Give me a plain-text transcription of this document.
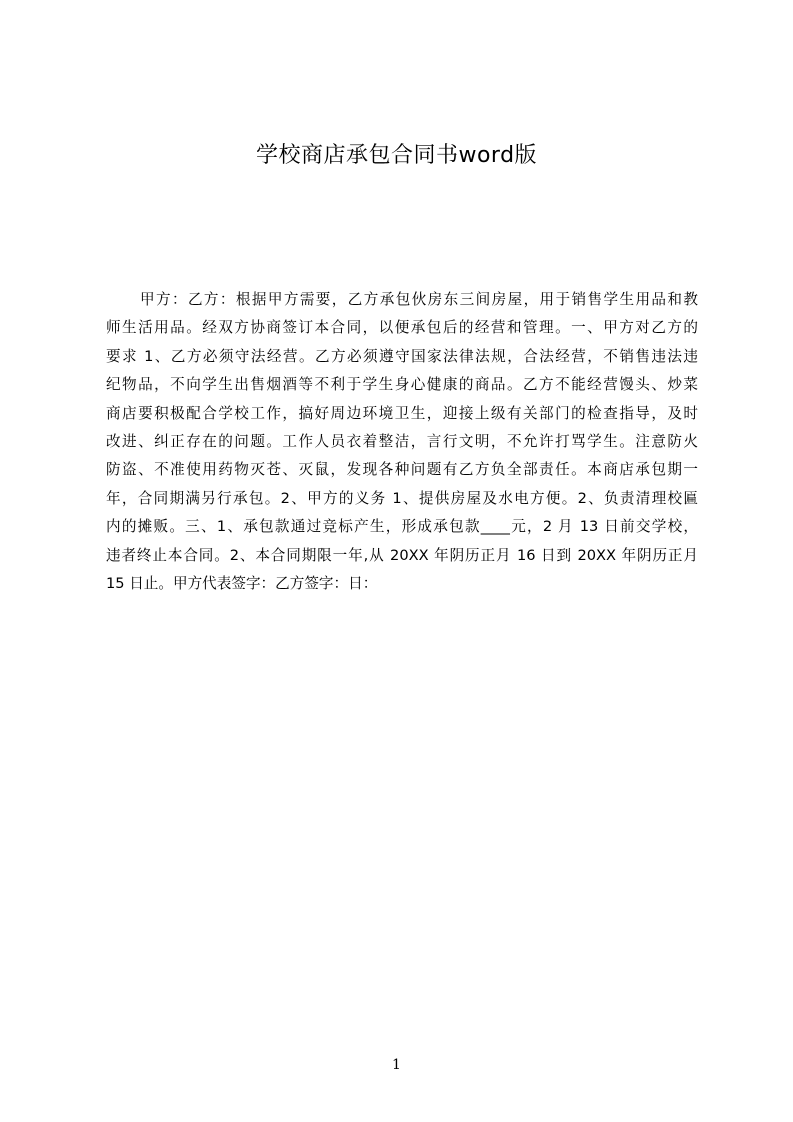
学校商店承包合同书word版
甲方：乙方：根据甲方需要，乙方承包伙房东三间房屋，用于销售学生用品和教
师生活用品。经双方协商签订本合同，以便承包后的经营和管理。一、甲方对乙方的
要求 1、乙方必须守法经营。乙方必须遵守国家法律法规，合法经营，不销售违法违
纪物品，不向学生出售烟酒等不利于学生身心健康的商品。乙方不能经营馒头、炒菜
商店要积极配合学校工作，搞好周边环境卫生，迎接上级有关部门的检查指导，及时
改进、纠正存在的问题。工作人员衣着整洁，言行文明，不允许打骂学生。注意防火
防盗、不准使用药物灭苍、灭鼠，发现各种问题有乙方负全部责任。本商店承包期一
年，合同期满另行承包。2、甲方的义务 1、提供房屋及水电方便。2、负责清理校匾
内的摊贩。三、1、承包款通过竞标产生，形成承包款____元，2 月 13 日前交学校，
违者终止本合同。2、本合同期限一年,从 20XX 年阴历正月 16 日到 20XX 年阴历正月
15 日止。甲方代表签字：乙方签字：日：
1
